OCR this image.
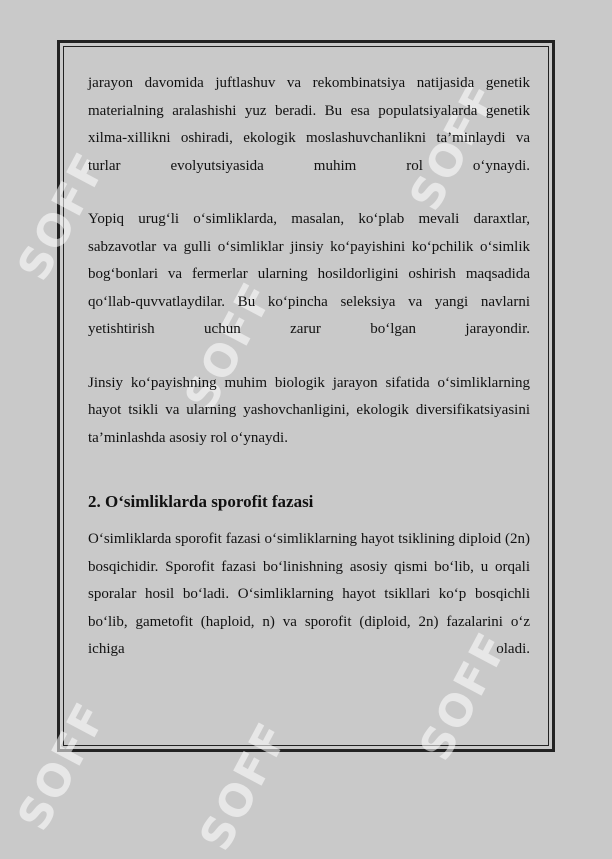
SOFF
SOFF
SOFF
SOFF SOFF
SOFF

jarayon davomida juftlashuv va rekombinatsiya natijasida genetik materialning aralashishi yuz beradi. Bu esa populatsiyalarda genetik xilma-xillikni oshiradi, ekologik moslashuvchanlikni ta’minlaydi va turlar evolyutsiyasida muhim rol o‘ynaydi.

Yopiq urug‘li o‘simliklarda, masalan, ko‘plab mevali daraxtlar, sabzavotlar va gulli o‘simliklar jinsiy ko‘payishini ko‘pchilik o‘simlik bog‘bonlari va fermerlar ularning hosildorligini oshirish maqsadida qo‘llab-quvvatlaydilar. Bu ko‘pincha seleksiya va yangi navlarni yetishtirish uchun zarur bo‘lgan jarayondir.

Jinsiy ko‘payishning muhim biologik jarayon sifatida o‘simliklarning hayot tsikli va ularning yashovchanligini, ekologik diversifikatsiyasini ta’minlashda asosiy rol o‘ynaydi.

2. O‘simliklarda sporofit fazasi

O‘simliklarda sporofit fazasi o‘simliklarning hayot tsiklining diploid (2n) bosqichidir. Sporofit fazasi bo‘linishning asosiy qismi bo‘lib, u orqali sporalar hosil bo‘ladi. O‘simliklarning hayot tsikllari ko‘p bosqichli bo‘lib, gametofit (haploid, n) va sporofit (diploid, 2n) fazalarini o‘z ichiga oladi.
